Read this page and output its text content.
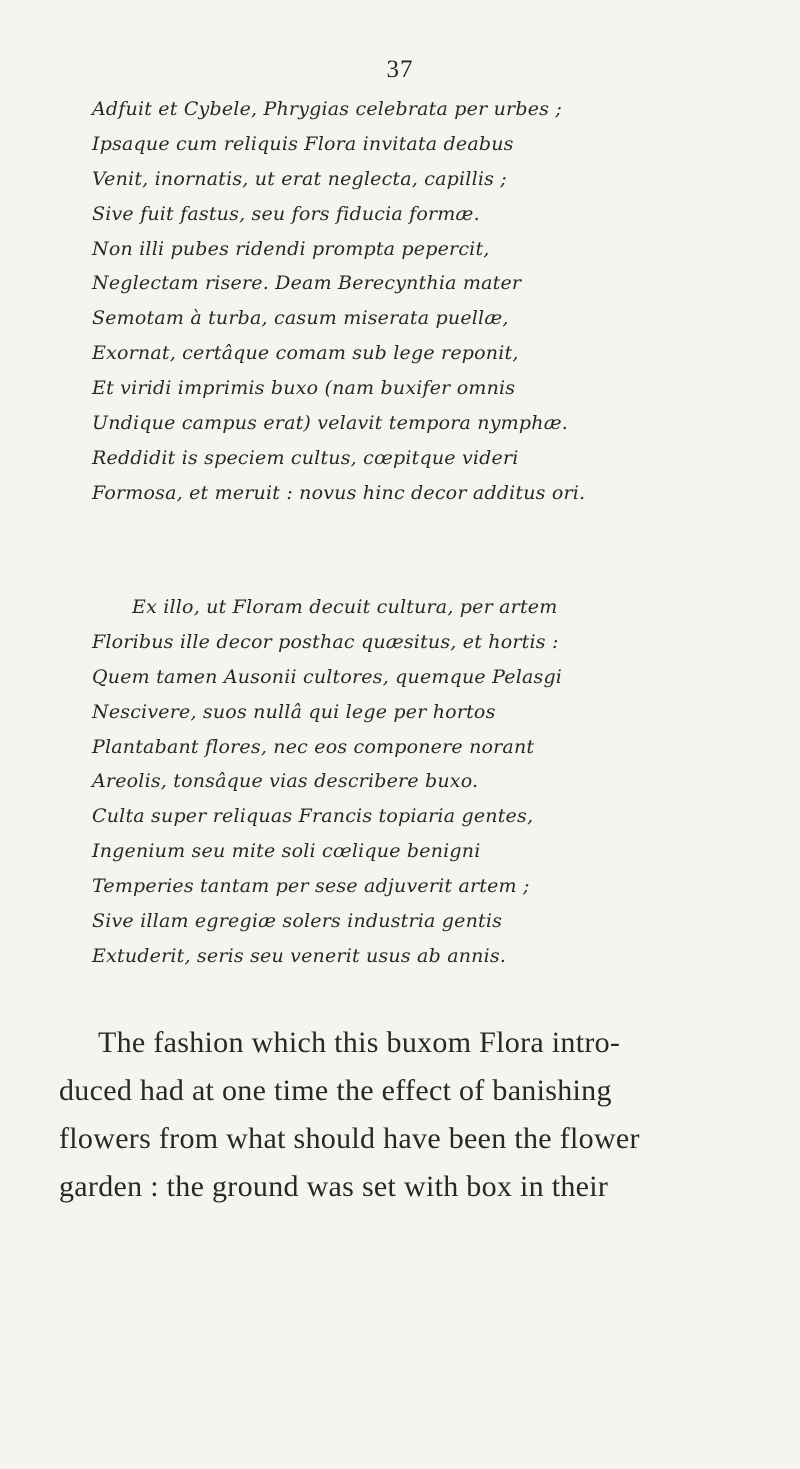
37
Adfuit et Cybele, Phrygias celebrata per urbes ;
Ipsaque cum reliquis Flora invitata deabus
Venit, inornatis, ut erat neglecta, capillis ;
Sive fuit fastus, seu fors fiducia formæ.
Non illi pubes ridendi prompta pepercit,
Neglectam risere. Deam Berecynthia mater
Semotam à turba, casum miserata puellæ,
Exornat, certâque comam sub lege reponit,
Et viridi imprimis buxo (nam buxifer omnis
Undique campus erat) velavit tempora nymphæ.
Reddidit is speciem cultus, cœpitque videri
Formosa, et meruit : novus hinc decor additus ori.
Ex illo, ut Floram decuit cultura, per artem
Floribus ille decor posthac quæsitus, et hortis :
Quem tamen Ausonii cultores, quemque Pelasgi
Nescivere, suos nullâ qui lege per hortos
Plantabant flores, nec eos componere norant
Areolis, tonsâque vias describere buxo.
Culta super reliquas Francis topiaria gentes,
Ingenium seu mite soli cœlique benigni
Temperies tantam per sese adjuverit artem ;
Sive illam egregiæ solers industria gentis
Extuderit, seris seu venerit usus ab annis.
The fashion which this buxom Flora intro-
duced had at one time the effect of banishing
flowers from what should have been the flower
garden : the ground was set with box in their
